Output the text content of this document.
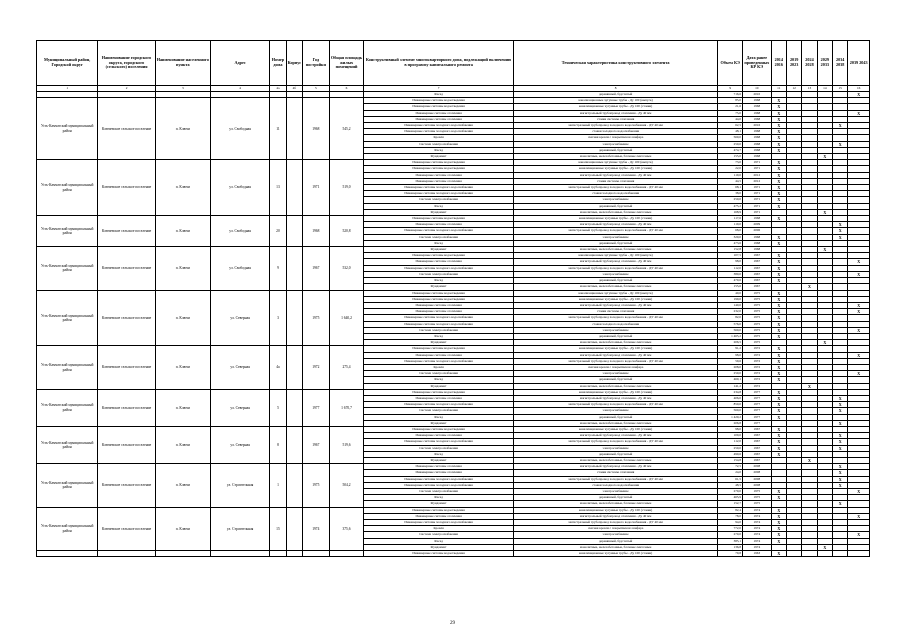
Муниципальный район, Городской округ	Наименование городского округа, городского (сельского) поселения	Наименование населенного пункта	Адрес	Номер дома	Корпус	Год постройки	Общая площадь жилых помещений	Конструктивный элемент многоквартирного дома, подлежащий включению в программу капитального ремонта	Техническая характеристика конструктивного элемента	Объем КЭ	Дата ранее проведенных КР КЭ	2014 2016	2019 2023	2024 2028	2029 2033	2034 2038	2039 2043
1	2	3	4	4а	4б	5	6	7	8	9	10	11	12	13	14	15	16
								Фасад	деревянный, брусчатый	716,6	2010						X
Усть-Камчатский муниципальный район	Ключевское сельское поселение	п. Ключи	ул. Свободная	11		1968	545,2	Инженерные системы водоотведения	канализационные чугунные трубы - Дy 100 (выпуск)	85,0	1968	X					
								Инженерные системы водоотведения	канализационные чугунные трубы - Дy 100 (стояки)	21,6	1968	X					
								Инженерные системы отопления	магистральный трубопровод отопления - Дy 40 мм	75,0	1968	X					X
								Инженерные системы отопления	стояки системы отопления	44,0	1968	X					
								Инженерные системы холодного водоснабжения	магистральный трубопровод холодного водоснабжения - ДУ 40 мм	62,5	2016	X				X	
								Инженерные системы холодного водоснабжения	стояки холодного водоснабжения	48,1	1968	X					
								Кровля	скатная кровля с покрытием из шифера	560,0	1968	X					
								Система электроснабжения	электроснабжение	250,0	1968	X				X	
								Фасад	деревянный, брусчатый	474,7	1968	X					
								Фундамент	монолитные, железобетонные, блочные ленточные	155,0	1968				X		
Усть-Камчатский муниципальный район	Ключевское сельское поселение	п. Ключи	ул. Свободная	13		1971	519,0	Инженерные системы водоотведения	канализационные чугунные трубы - Дy 100 (выпуск)	73,0	1971	X					
								Инженерные системы водоотведения	канализационные чугунные трубы - Дy 100 (стояки)	22,0	1971	X					
								Инженерные системы отопления	магистральный трубопровод отопления - Дy 40 мм	119,0	2012	X					
								Инженерные системы отопления	стояки системы отопления	44,5	2012	X					
								Инженерные системы холодного водоснабжения	магистральный трубопровод холодного водоснабжения - ДУ 40 мм	68,1	1971	X					
								Инженерные системы холодного водоснабжения	стояки холодного водоснабжения	38,0	1971	X					
								Система электроснабжения	электроснабжение	250,0	1971	X					
								Фасад	деревянный, брусчатый	475,2	1971	X					
								Фундамент	монолитные, железобетонные, блочные ленточные	168,9	1971				X		
Усть-Камчатский муниципальный район	Ключевское сельское поселение	п. Ключи	ул. Свободная	20		1968	520,8	Инженерные системы водоотведения	канализационные чугунные трубы - Дy 100 (стояки)	117,6	1968	X					
								Инженерные системы отопления	магистральный трубопровод отопления - Дy 40 мм	119,0	2009					X	
								Инженерные системы холодного водоснабжения	магистральный трубопровод холодного водоснабжения - ДУ 40 мм	68,0	2006					X	
								Система электроснабжения	электроснабжение	320,0	1968	X				X	
								Фасад	деревянный, брусчатый	473,6	1968	X					
Усть-Камчатский муниципальный район	Ключевское сельское поселение	п. Ключи	ул. Свободная	9		1967	532,0	Фундамент	монолитные, железобетонные, блочные ленточные	152,8	1968				X		
								Инженерные системы водоотведения	канализационные чугунные трубы - Дy 100 (выпуск)	107,5	1967	X					
								Инженерные системы отопления	магистральный трубопровод отопления - Дy 40 мм	98,0	1967	X					X
								Инженерные системы холодного водоснабжения	магистральный трубопровод холодного водоснабжения - ДУ 40 мм	112,0	1967	X					
								Система электроснабжения	электроснабжение	380,0	1967	X					X
								Фасад	деревянный, брусчатый	470,6	1967	X					
								Фундамент	монолитные, железобетонные, блочные ленточные	155,6	1967			X			
Усть-Камчатский муниципальный район	Ключевское сельское поселение	п. Ключи	ул. Северная	3		1975	1 640,2	Инженерные системы водоотведения	канализационные чугунные трубы - Дy 100 (выпуск)	40,0	1975	X					
								Инженерные системы водоотведения	канализационные чугунные трубы - Дy 100 (стояки)	199,0	1975	X					
								Инженерные системы отопления	магистральный трубопровод отопления - Дy 40 мм	140,0	1975	X					X
								Инженерные системы отопления	стояки системы отопления	232,0	1975	X					X
								Инженерные системы холодного водоснабжения	магистральный трубопровод холодного водоснабжения - ДУ 40 мм	82,0	1975	X					
								Инженерные системы холодного водоснабжения	стояки холодного водоснабжения	576,0	1975	X					
								Система электроснабжения	электроснабжение	560,0	1975	X					X
								Фасад	деревянный, брусчатый	1 465,2	1975	X					
								Фундамент	монолитные, железобетонные, блочные ленточные	206,5	1975				X		
Усть-Камчатский муниципальный район	Ключевское сельское поселение	п. Ключи	ул. Северная	4а		1972	275,4	Инженерные системы водоотведения	канализационные чугунные трубы - Дy 100 (стояки)	91,2	1972	X					
								Инженерные системы отопления	магистральный трубопровод отопления - Дy 40 мм	98,0	1972	X					X
								Инженерные системы холодного водоснабжения	магистральный трубопровод холодного водоснабжения - ДУ 40 мм	59,6	1972	X					
								Кровля	скатная кровля с покрытием из шифера	208,0	1972	X					
								Система электроснабжения	электроснабжение	250,0	1972	X					X
								Фасад	деревянный, брусчатый	460,1	1972	X					
								Фундамент	монолитные, железобетонные, блочные ленточные	141,2	1972			X			
Усть-Камчатский муниципальный район	Ключевское сельское поселение	п. Ключи	ул. Северная	5		1977	1 670,7	Инженерные системы водоотведения	канализационные чугунные трубы - Дy 100 (стояки)	234,8	1977	X					
								Инженерные системы отопления	магистральный трубопровод отопления - Дy 40 мм	406,0	1977	X				X	
								Инженерные системы холодного водоснабжения	магистральный трубопровод холодного водоснабжения - ДУ 40 мм	850,0	1977	X				X	
								Система электроснабжения	электроснабжение	560,0	1977	X				X	
								Фасад	деревянный, брусчатый	1 420,2	1977	X					
								Фундамент	монолитные, железобетонные, блочные ленточные	206,8	1977					X	
Усть-Камчатский муниципальный район	Ключевское сельское поселение	п. Ключи	ул. Северная	8		1967	519,6	Инженерные системы водоотведения	канализационные чугунные трубы - Дy 100 (стояки)	98,0	1967	X					
								Инженерные системы отопления	магистральный трубопровод отопления - Дy 40 мм	109,0	1967	X				X	
								Инженерные системы холодного водоснабжения	магистральный трубопровод холодного водоснабжения - ДУ 40 мм	112,0	1967	X				X	
								Система электроснабжения	электроснабжение	250,0	1967	X				X	
								Фасад	деревянный, брусчатый	490,6	1967	X					
								Фундамент	монолитные, железобетонные, блочные ленточные	154,8	1967			X			
Усть-Камчатский муниципальный район	Ключевское сельское поселение	п. Ключи	ул. Строительная	1		1975	504,2	Инженерные системы отопления	магистральный трубопровод отопления - Дy 40 мм	72,5	2008					X	
								Инженерные системы отопления	стояки системы отопления	24,0	2008					X	
								Инженерные системы холодного водоснабжения	магистральный трубопровод холодного водоснабжения - ДУ 40 мм	61,5	2008					X	
								Инженерные системы холодного водоснабжения	стояки холодного водоснабжения	48,5	2008					X	
								Система электроснабжения	электроснабжение	270,0	1975	X					X
								Фасад	деревянный, брусчатый	465,9	1975	X					
								Фундамент	монолитные, железобетонные, блочные ленточные	152,7	1975					X	
Усть-Камчатский муниципальный район	Ключевское сельское поселение	п. Ключи	ул. Строительная	15		1974	375,6	Инженерные системы водоотведения	канализационные чугунные трубы - Дy 100 (стояки)	82,4	1974	X					
								Инженерные системы отопления	магистральный трубопровод отопления - Дy 40 мм	78,0	1974	X					X
								Инженерные системы холодного водоснабжения	магистральный трубопровод холодного водоснабжения - ДУ 40 мм	94,0	1974	X					
								Кровля	скатная кровля с покрытием из шифера	772,0	1974	X					
								Система электроснабжения	электроснабжение	270,0	1974	X					X
								Фасад	деревянный, брусчатый	385,1	1974	X					
								Фундамент	монолитные, железобетонные, блочные ленточные	136,8	1974				X		
								Инженерные системы водоотведения	канализационные чугунные трубы - Дy 100 (стояки)	79,8	1963	X					
29
